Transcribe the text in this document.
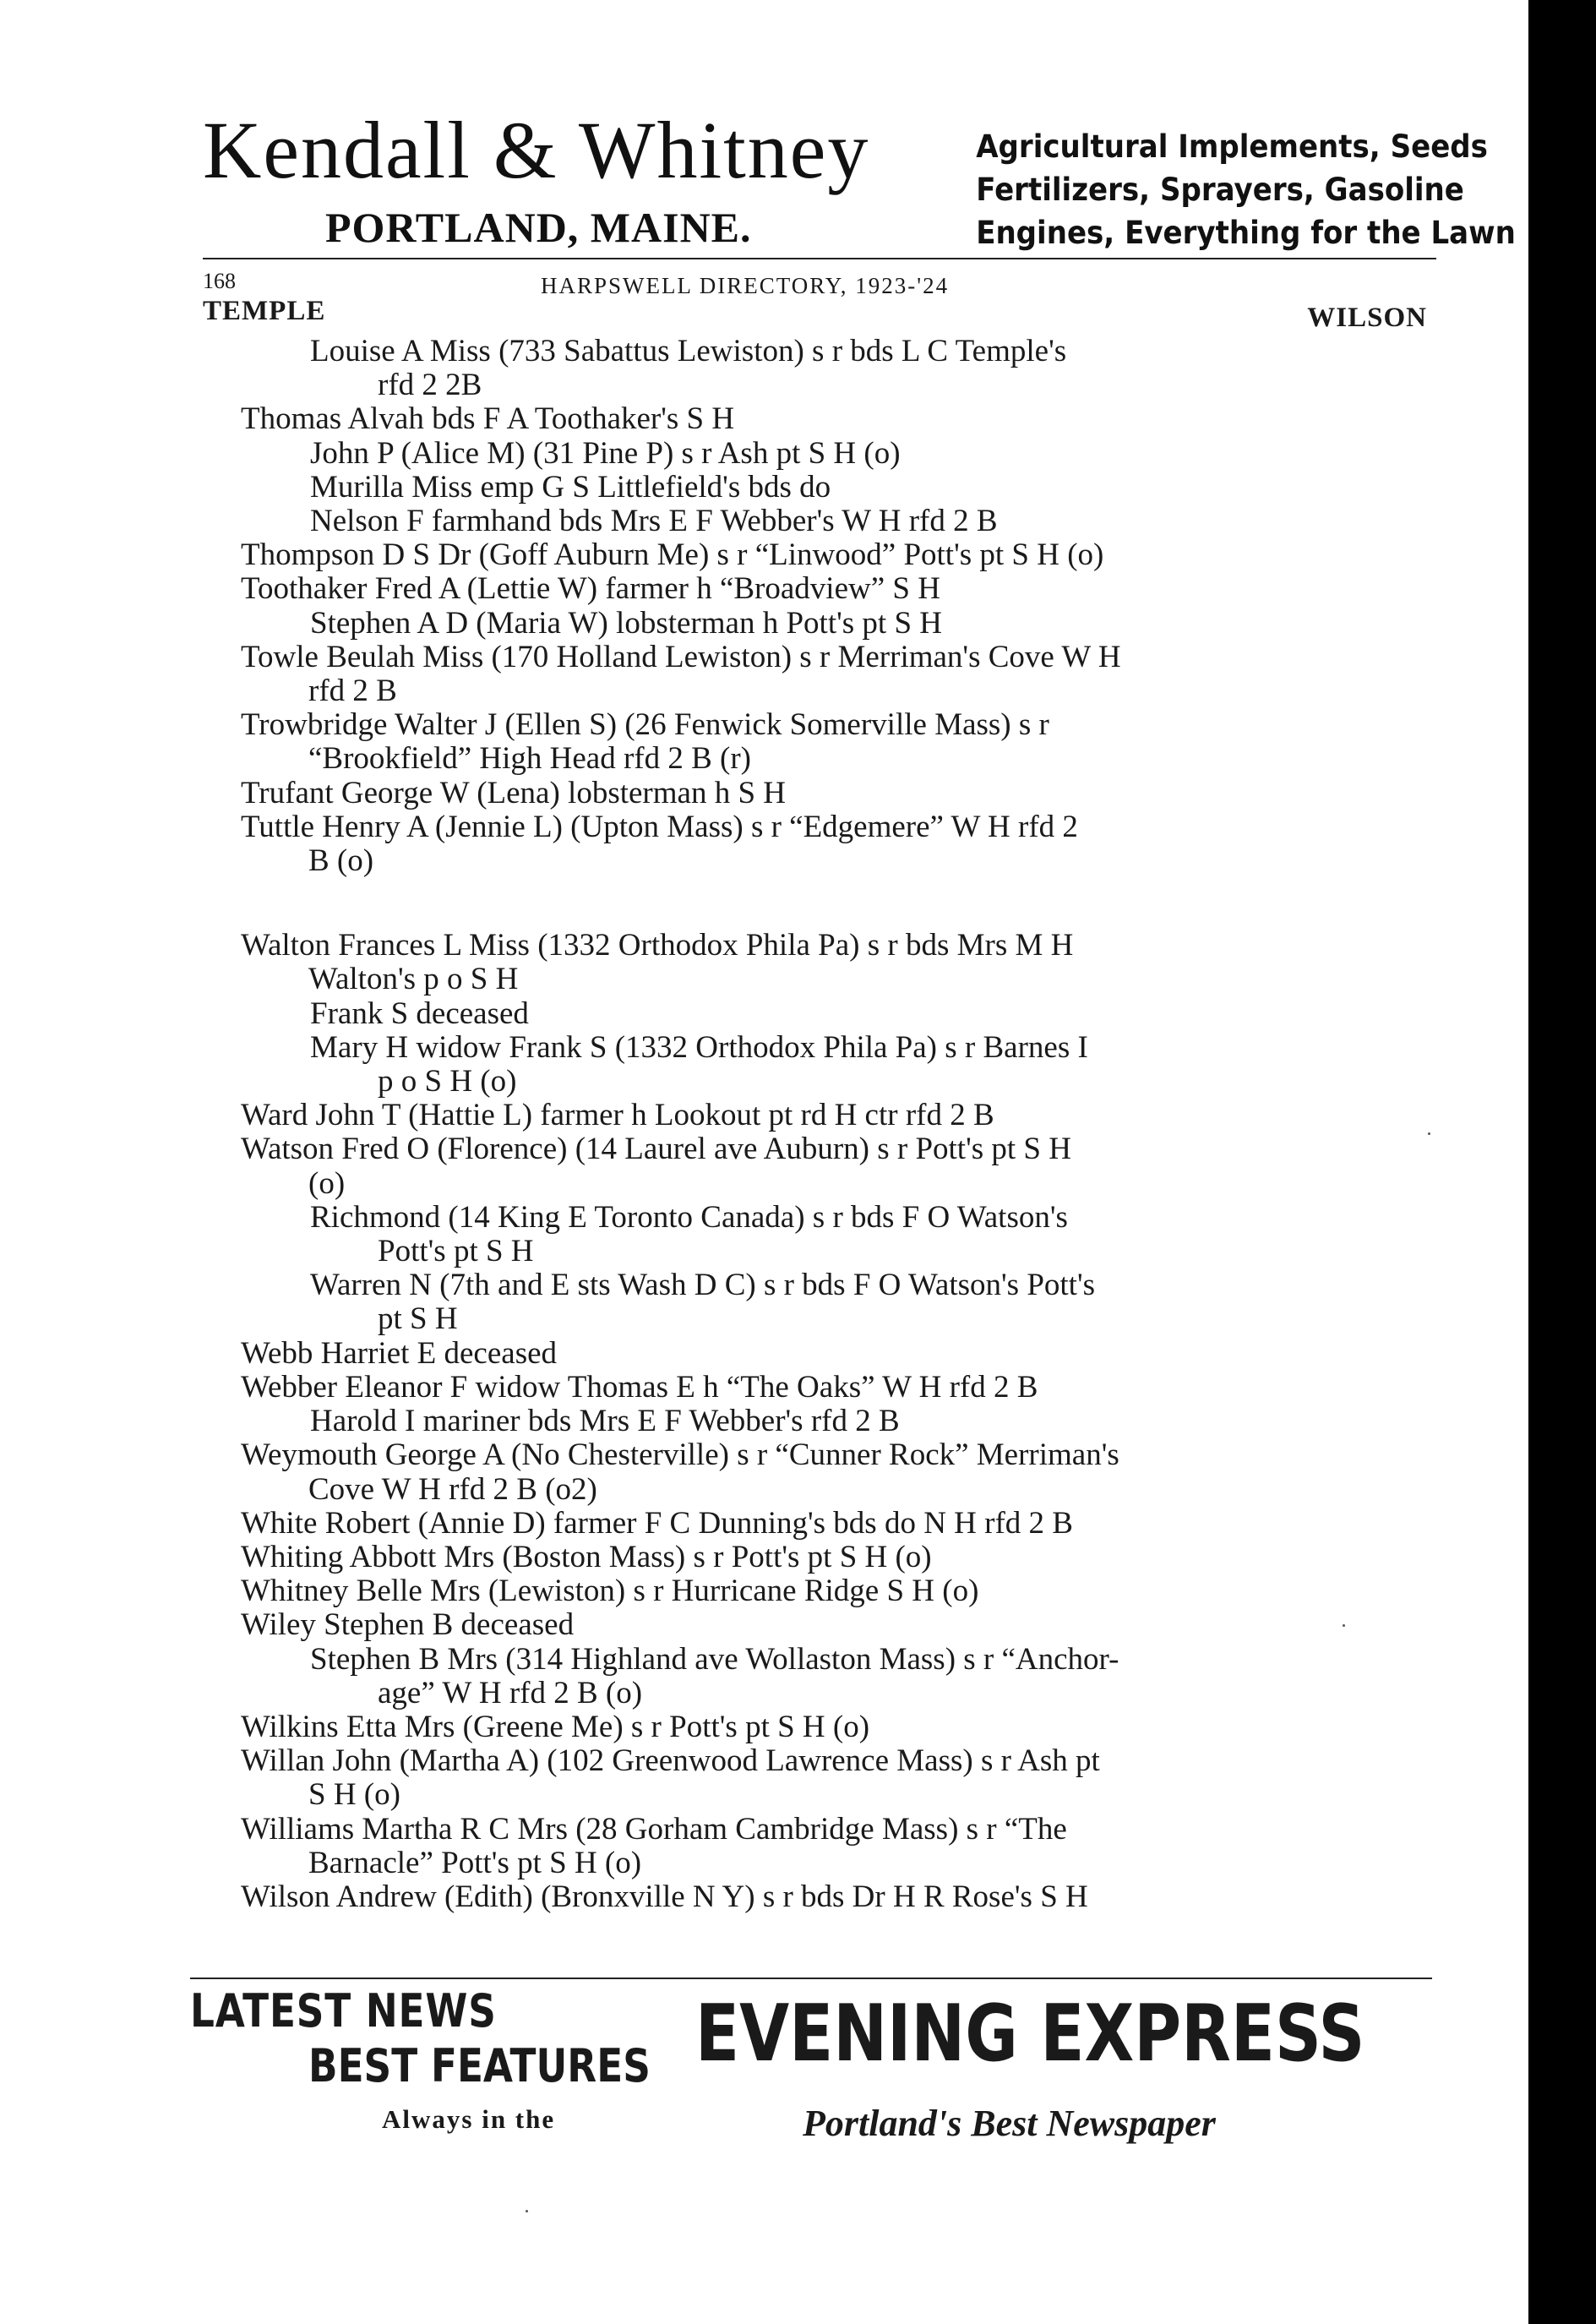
Kendall & Whitney
PORTLAND, MAINE.
Agricultural Implements, Seeds
Fertilizers, Sprayers, Gasoline
Engines, Everything for the Lawn
168	HARPSWELL DIRECTORY, 1923-'24
TEMPLE	WILSON
Louise A Miss (733 Sabattus Lewiston) s r bds L C Temple's
rfd 2 2B
Thomas Alvah bds F A Toothaker's S H
John P (Alice M) (31 Pine P) s r Ash pt S H (o)
Murilla Miss emp G S Littlefield's bds do
Nelson F farmhand bds Mrs E F Webber's W H rfd 2 B
Thompson D S Dr (Goff Auburn Me) s r “Linwood” Pott's pt S H (o)
Toothaker Fred A (Lettie W) farmer h “Broadview” S H
Stephen A D (Maria W) lobsterman h Pott's pt S H
Towle Beulah Miss (170 Holland Lewiston) s r Merriman's Cove W H
rfd 2 B
Trowbridge Walter J (Ellen S) (26 Fenwick Somerville Mass) s r
“Brookfield” High Head rfd 2 B (r)
Trufant George W (Lena) lobsterman h S H
Tuttle Henry A (Jennie L) (Upton Mass) s r “Edgemere” W H rfd 2
B (o)
Walton Frances L Miss (1332 Orthodox Phila Pa) s r bds Mrs M H
Walton's p o S H
Frank S deceased
Mary H widow Frank S (1332 Orthodox Phila Pa) s r Barnes I
p o S H (o)
Ward John T (Hattie L) farmer h Lookout pt rd H ctr rfd 2 B
Watson Fred O (Florence) (14 Laurel ave Auburn) s r Pott's pt S H
(o)
Richmond (14 King E Toronto Canada) s r bds F O Watson's
Pott's pt S H
Warren N (7th and E sts Wash D C) s r bds F O Watson's Pott's
pt S H
Webb Harriet E deceased
Webber Eleanor F widow Thomas E h “The Oaks” W H rfd 2 B
Harold I mariner bds Mrs E F Webber's rfd 2 B
Weymouth George A (No Chesterville) s r “Cunner Rock” Merriman's
Cove W H rfd 2 B (o2)
White Robert (Annie D) farmer F C Dunning's bds do N H rfd 2 B
Whiting Abbott Mrs (Boston Mass) s r Pott's pt S H (o)
Whitney Belle Mrs (Lewiston) s r Hurricane Ridge S H (o)
Wiley Stephen B deceased
Stephen B Mrs (314 Highland ave Wollaston Mass) s r “Anchor-
age” W H rfd 2 B (o)
Wilkins Etta Mrs (Greene Me) s r Pott's pt S H (o)
Willan John (Martha A) (102 Greenwood Lawrence Mass) s r Ash pt
S H (o)
Williams Martha R C Mrs (28 Gorham Cambridge Mass) s r “The
Barnacle” Pott's pt S H (o)
Wilson Andrew (Edith) (Bronxville N Y) s r bds Dr H R Rose's S H
LATEST NEWS
BEST FEATURES
Always in the
EVENING EXPRESS
Portland's Best Newspaper
